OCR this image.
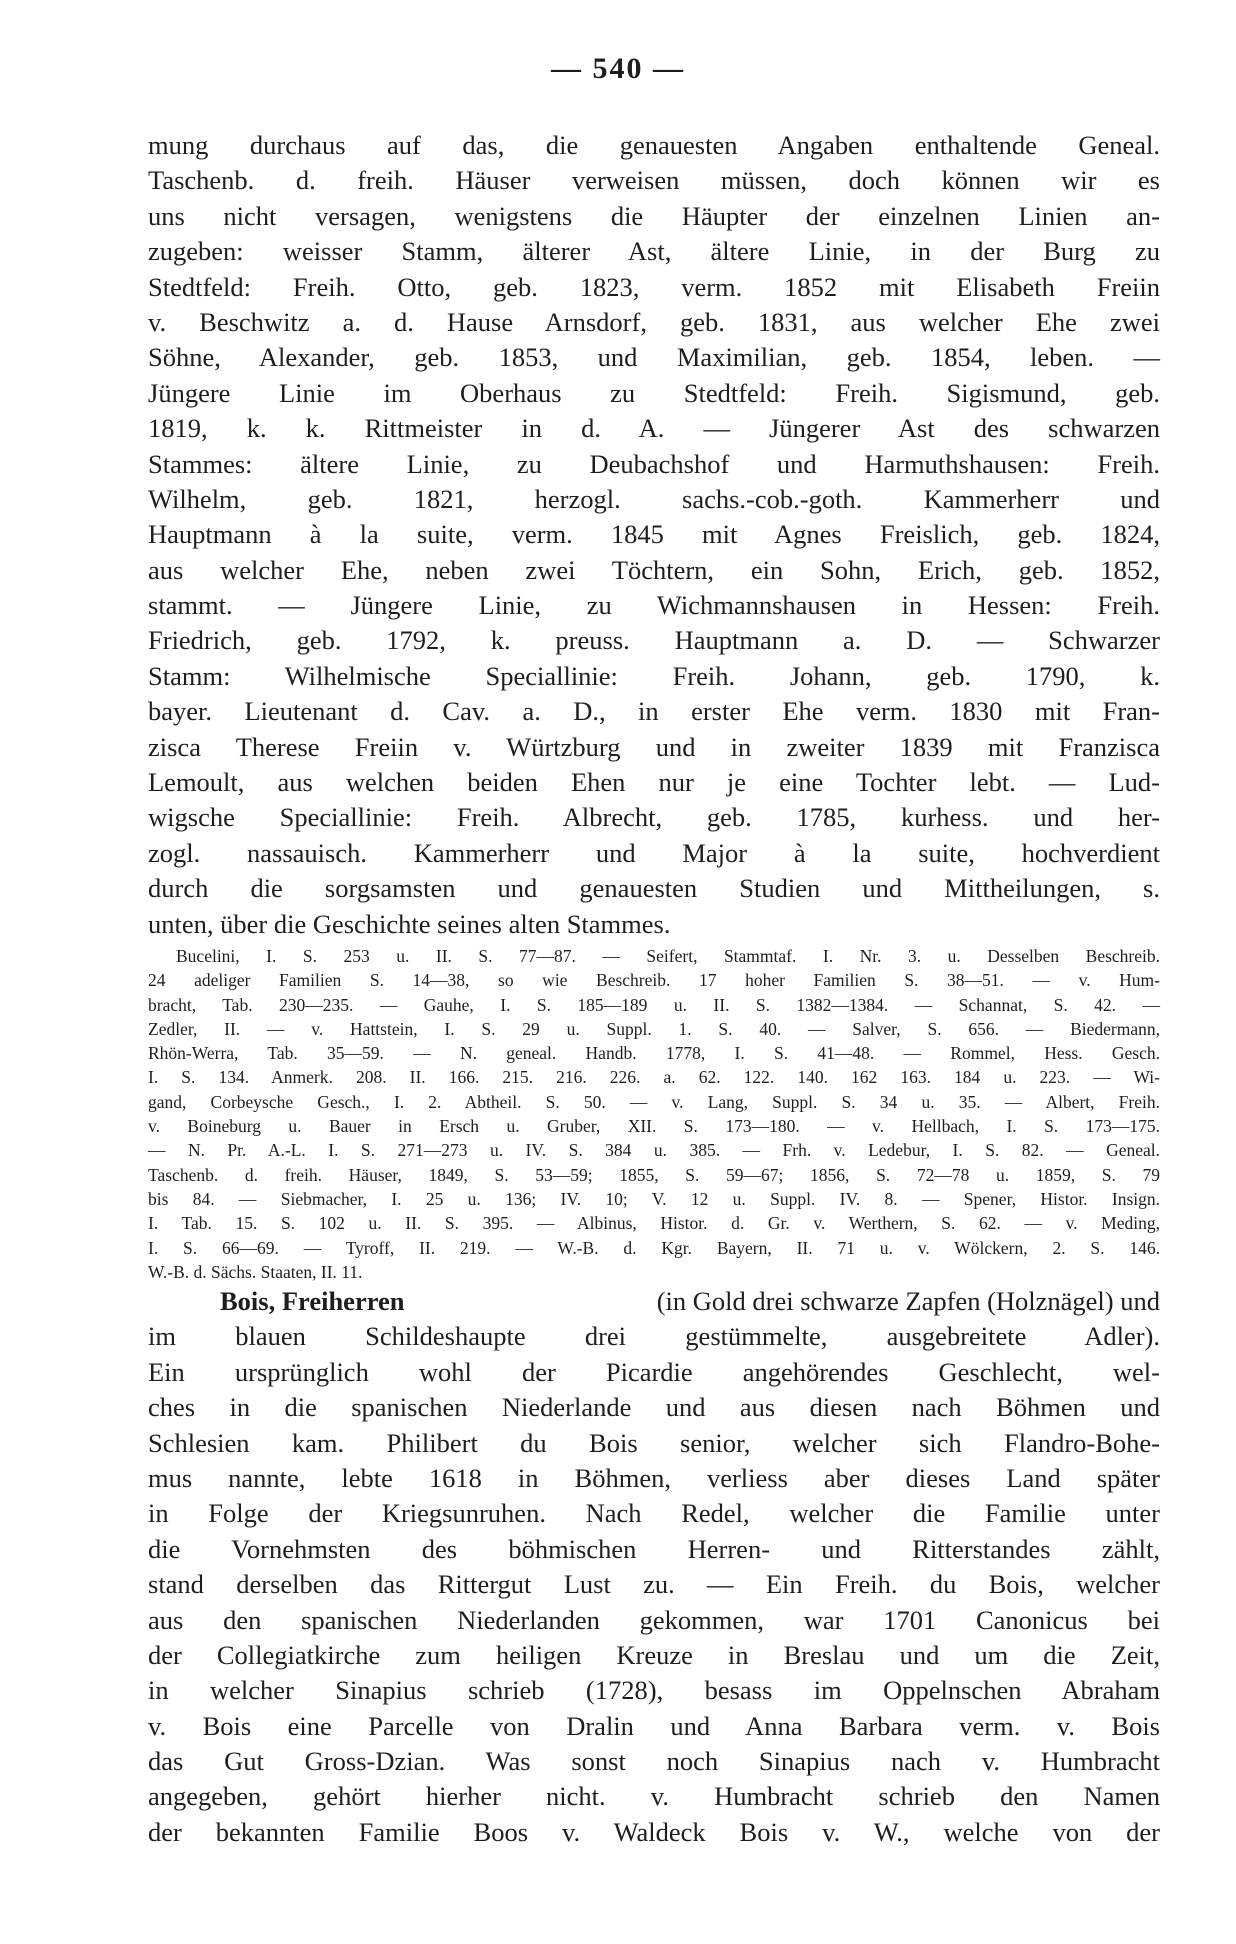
— 540 —
mung durchaus auf das, die genauesten Angaben enthaltende Geneal.
Taschenb. d. freih. Häuser verweisen müssen, doch können wir es
uns nicht versagen, wenigstens die Häupter der einzelnen Linien an-
zugeben: weisser Stamm, älterer Ast, ältere Linie, in der Burg zu
Stedtfeld: Freih. Otto, geb. 1823, verm. 1852 mit Elisabeth Freiin
v. Beschwitz a. d. Hause Arnsdorf, geb. 1831, aus welcher Ehe zwei
Söhne, Alexander, geb. 1853, und Maximilian, geb. 1854, leben. —
Jüngere Linie im Oberhaus zu Stedtfeld: Freih. Sigismund, geb.
1819, k. k. Rittmeister in d. A. — Jüngerer Ast des schwarzen
Stammes: ältere Linie, zu Deubachshof und Harmuthshausen: Freih.
Wilhelm, geb. 1821, herzogl. sachs.-cob.-goth. Kammerherr und
Hauptmann à la suite, verm. 1845 mit Agnes Freislich, geb. 1824,
aus welcher Ehe, neben zwei Töchtern, ein Sohn, Erich, geb. 1852,
stammt. — Jüngere Linie, zu Wichmannshausen in Hessen: Freih.
Friedrich, geb. 1792, k. preuss. Hauptmann a. D. — Schwarzer
Stamm: Wilhelmische Speciallinie: Freih. Johann, geb. 1790, k.
bayer. Lieutenant d. Cav. a. D., in erster Ehe verm. 1830 mit Fran-
zisca Therese Freiin v. Würtzburg und in zweiter 1839 mit Franzisca
Lemoult, aus welchen beiden Ehen nur je eine Tochter lebt. — Lud-
wigsche Speciallinie: Freih. Albrecht, geb. 1785, kurhess. und her-
zogl. nassauisch. Kammerherr und Major à la suite, hochverdient
durch die sorgsamsten und genauesten Studien und Mittheilungen, s.
unten, über die Geschichte seines alten Stammes.
Bucelini, I. S. 253 u. II. S. 77—87. — Seifert, Stammtaf. I. Nr. 3. u. Desselben Beschreib.
24 adeliger Familien S. 14—38, so wie Beschreib. 17 hoher Familien S. 38—51. — v. Hum-
bracht, Tab. 230—235. — Gauhe, I. S. 185—189 u. II. S. 1382—1384. — Schannat, S. 42. —
Zedler, II. — v. Hattstein, I. S. 29 u. Suppl. 1. S. 40. — Salver, S. 656. — Biedermann,
Rhön-Werra, Tab. 35—59. — N. geneal. Handb. 1778, I. S. 41—48. — Rommel, Hess. Gesch.
I. S. 134. Anmerk. 208. II. 166. 215. 216. 226. a. 62. 122. 140. 162 163. 184 u. 223. — Wi-
gand, Corbeysche Gesch., I. 2. Abtheil. S. 50. — v. Lang, Suppl. S. 34 u. 35. — Albert, Freih.
v. Boineburg u. Bauer in Ersch u. Gruber, XII. S. 173—180. — v. Hellbach, I. S. 173—175.
— N. Pr. A.-L. I. S. 271—273 u. IV. S. 384 u. 385. — Frh. v. Ledebur, I. S. 82. — Geneal.
Taschenb. d. freih. Häuser, 1849, S. 53—59; 1855, S. 59—67; 1856, S. 72—78 u. 1859, S. 79
bis 84. — Siebmacher, I. 25 u. 136; IV. 10; V. 12 u. Suppl. IV. 8. — Spener, Histor. Insign.
I. Tab. 15. S. 102 u. II. S. 395. — Albinus, Histor. d. Gr. v. Werthern, S. 62. — v. Meding,
I. S. 66—69. — Tyroff, II. 219. — W.-B. d. Kgr. Bayern, II. 71 u. v. Wölckern, 2. S. 146.
W.-B. d. Sächs. Staaten, II. 11.
Bois, Freiherren	(in Gold drei schwarze Zapfen (Holznägel) und
im blauen Schildeshaupte drei gestümmelte, ausgebreitete Adler).
Ein ursprünglich wohl der Picardie angehörendes Geschlecht, wel-
ches in die spanischen Niederlande und aus diesen nach Böhmen und
Schlesien kam. Philibert du Bois senior, welcher sich Flandro-Bohe-
mus nannte, lebte 1618 in Böhmen, verliess aber dieses Land später
in Folge der Kriegsunruhen. Nach Redel, welcher die Familie unter
die Vornehmsten des böhmischen Herren- und Ritterstandes zählt,
stand derselben das Rittergut Lust zu. — Ein Freih. du Bois, welcher
aus den spanischen Niederlanden gekommen, war 1701 Canonicus bei
der Collegiatkirche zum heiligen Kreuze in Breslau und um die Zeit,
in welcher Sinapius schrieb (1728), besass im Oppelnschen Abraham
v. Bois eine Parcelle von Dralin und Anna Barbara verm. v. Bois
das Gut Gross-Dzian. Was sonst noch Sinapius nach v. Humbracht
angegeben, gehört hierher nicht. v. Humbracht schrieb den Namen
der bekannten Familie Boos v. Waldeck Bois v. W., welche von der
